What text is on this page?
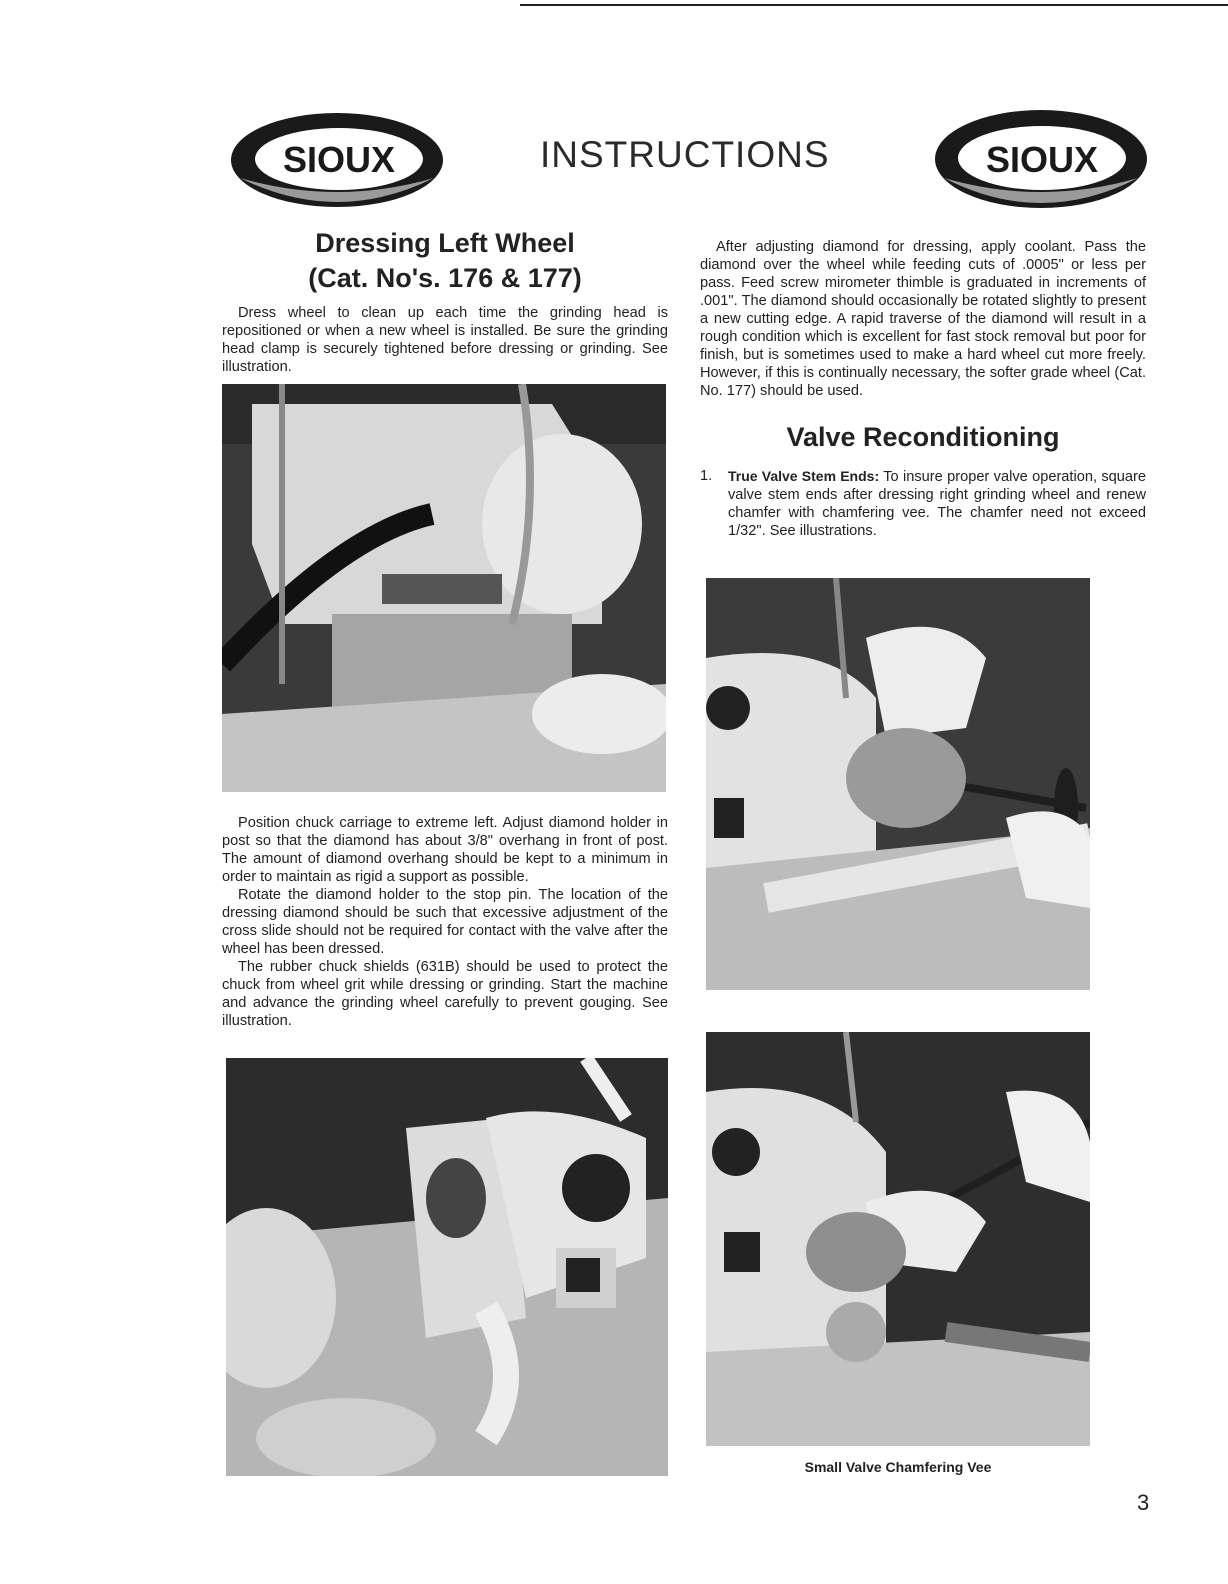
SIOUX	INSTRUCTIONS	SIOUX
Dressing Left Wheel
(Cat. No's. 176 & 177)

Dress wheel to clean up each time the grinding head is repositioned or when a new wheel is installed. Be sure the grinding head clamp is securely tightened before dressing or grinding. See illustration.

Position chuck carriage to extreme left. Adjust diamond holder in post so that the diamond has about 3/8" overhang in front of post. The amount of diamond overhang should be kept to a minimum in order to maintain as rigid a support as possible.

Rotate the diamond holder to the stop pin. The location of the dressing diamond should be such that excessive adjustment of the cross slide should not be required for contact with the valve after the wheel has been dressed.

The rubber chuck shields (631B) should be used to protect the chuck from wheel grit while dressing or grinding. Start the machine and advance the grinding wheel carefully to prevent gouging. See illustration.

After adjusting diamond for dressing, apply coolant. Pass the diamond over the wheel while feeding cuts of .0005" or less per pass. Feed screw mirometer thimble is graduated in increments of .001". The diamond should occasionally be rotated slightly to present a new cutting edge. A rapid traverse of the diamond will result in a rough condition which is excellent for fast stock removal but poor for finish, but is sometimes used to make a hard wheel cut more freely. However, if this is continually necessary, the softer grade wheel (Cat. No. 177) should be used.

Valve Reconditioning
1.	True Valve Stem Ends: To insure proper valve operation, square valve stem ends after dressing right grinding wheel and renew chamfer with chamfering vee. The chamfer need not exceed 1/32". See illustrations.

Small Valve Chamfering Vee
3
